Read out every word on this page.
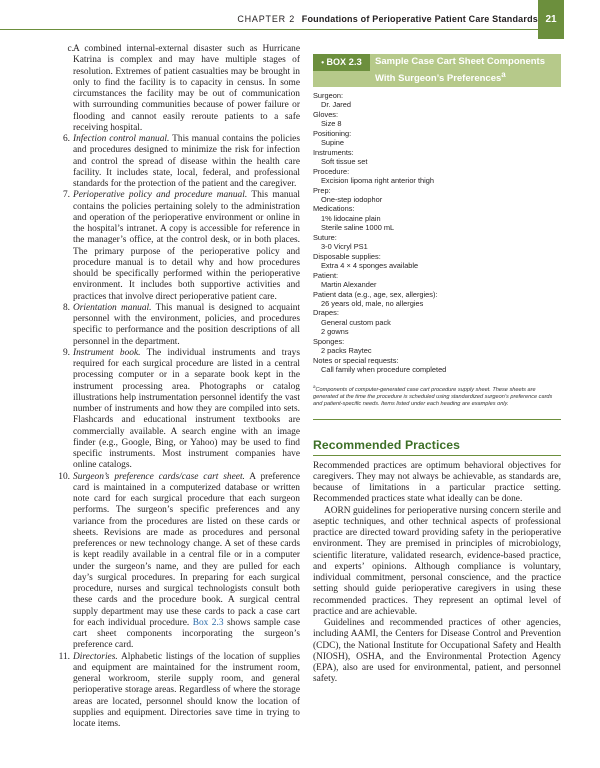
CHAPTER 2 Foundations of Perioperative Patient Care Standards 21

c. A combined internal-external disaster such as Hurricane Katrina is complex and may have multiple stages of resolution. Extremes of patient casualties may be brought in only to find the facility is to capacity in census. In some circumstances the facility may be out of communication with surrounding communities because of power failure or flooding and cannot easily reroute patients to a safe receiving hospital.

6. Infection control manual. This manual contains the policies and procedures designed to minimize the risk for infection and control the spread of disease within the health care facility. It includes state, local, federal, and professional standards for the protection of the patient and the caregiver.

7. Perioperative policy and procedure manual. This manual contains the policies pertaining solely to the administration and operation of the perioperative environment or online in the hospital’s intranet. A copy is accessible for reference in the manager’s office, at the control desk, or in both places. The primary purpose of the perioperative policy and procedure manual is to detail why and how procedures should be specifically performed within the perioperative environment. It includes both supportive activities and practices that involve direct perioperative patient care.

8. Orientation manual. This manual is designed to acquaint personnel with the environment, policies, and procedures specific to performance and the position descriptions of all personnel in the department.

9. Instrument book. The individual instruments and trays required for each surgical procedure are listed in a central processing computer or in a separate book kept in the instrument processing area. Photographs or catalog illustrations help instrumentation personnel identify the vast number of instruments and how they are compiled into sets. Flashcards and educational instrument textbooks are commercially available. A search engine with an image finder (e.g., Google, Bing, or Yahoo) may be used to find specific instruments. Most instrument companies have online catalogs.

10. Surgeon’s preference cards/case cart sheet. A preference card is maintained in a computerized database or written note card for each surgical procedure that each surgeon performs. The surgeon’s specific preferences and any variance from the procedures are listed on these cards or sheets. Revisions are made as procedures and personal preferences or new technology change. A set of these cards is kept readily available in a central file or in a computer under the surgeon’s name, and they are pulled for each day’s surgical procedures. In preparing for each surgical procedure, nurses and surgical technologists consult both these cards and the procedure book. A surgical central supply department may use these cards to pack a case cart for each individual procedure. Box 2.3 shows sample case cart sheet components incorporating the surgeon’s preference card.

11. Directories. Alphabetic listings of the location of supplies and equipment are maintained for the instrument room, general workroom, sterile supply room, and general perioperative storage areas. Regardless of where the storage areas are located, personnel should know the location of supplies and equipment. Directories save time in trying to locate items.

• BOX 2.3	Sample Case Cart Sheet Components With Surgeon’s Preferences$^a$

Surgeon:

Dr. Jared

Gloves:

Size 8

Positioning:

Supine

Instruments:

Soft tissue set

Procedure:

Excision lipoma right anterior thigh

Prep:

One-step iodophor

Medications:

1% lidocaine plain

Sterile saline 1000 mL

Suture:

3-0 Vicryl PS1

Disposable supplies:

Extra 4 × 4 sponges available

Patient:

Martin Alexander

Patient data (e.g., age, sex, allergies):

26 years old, male, no allergies

Drapes:

General custom pack

2 gowns

Sponges:

2 packs Raytec

Notes or special requests:

Call family when procedure completed

$^a$Components of computer-generated case cart procedure supply sheet. These sheets are generated at the time the procedure is scheduled using standardized surgeon’s preference cards and patient-specific needs. Items listed under each heading are examples only.
Recommended Practices

Recommended practices are optimum behavioral objectives for caregivers. They may not always be achievable, as standards are, because of limitations in a particular practice setting. Recommended practices state what ideally can be done.

AORN guidelines for perioperative nursing concern sterile and aseptic techniques, and other technical aspects of professional practice are directed toward providing safety in the perioperative environment. They are premised in principles of microbiology, scientific literature, validated research, evidence-based practice, and experts’ opinions. Although compliance is voluntary, individual commitment, personal conscience, and the practice setting should guide perioperative caregivers in using these recommended practices. They represent an optimal level of practice and are achievable.

Guidelines and recommended practices of other agencies, including AAMI, the Centers for Disease Control and Prevention (CDC), the National Institute for Occupational Safety and Health (NIOSH), OSHA, and the Environmental Protection Agency (EPA), also are used for environmental, patient, and personnel safety.
